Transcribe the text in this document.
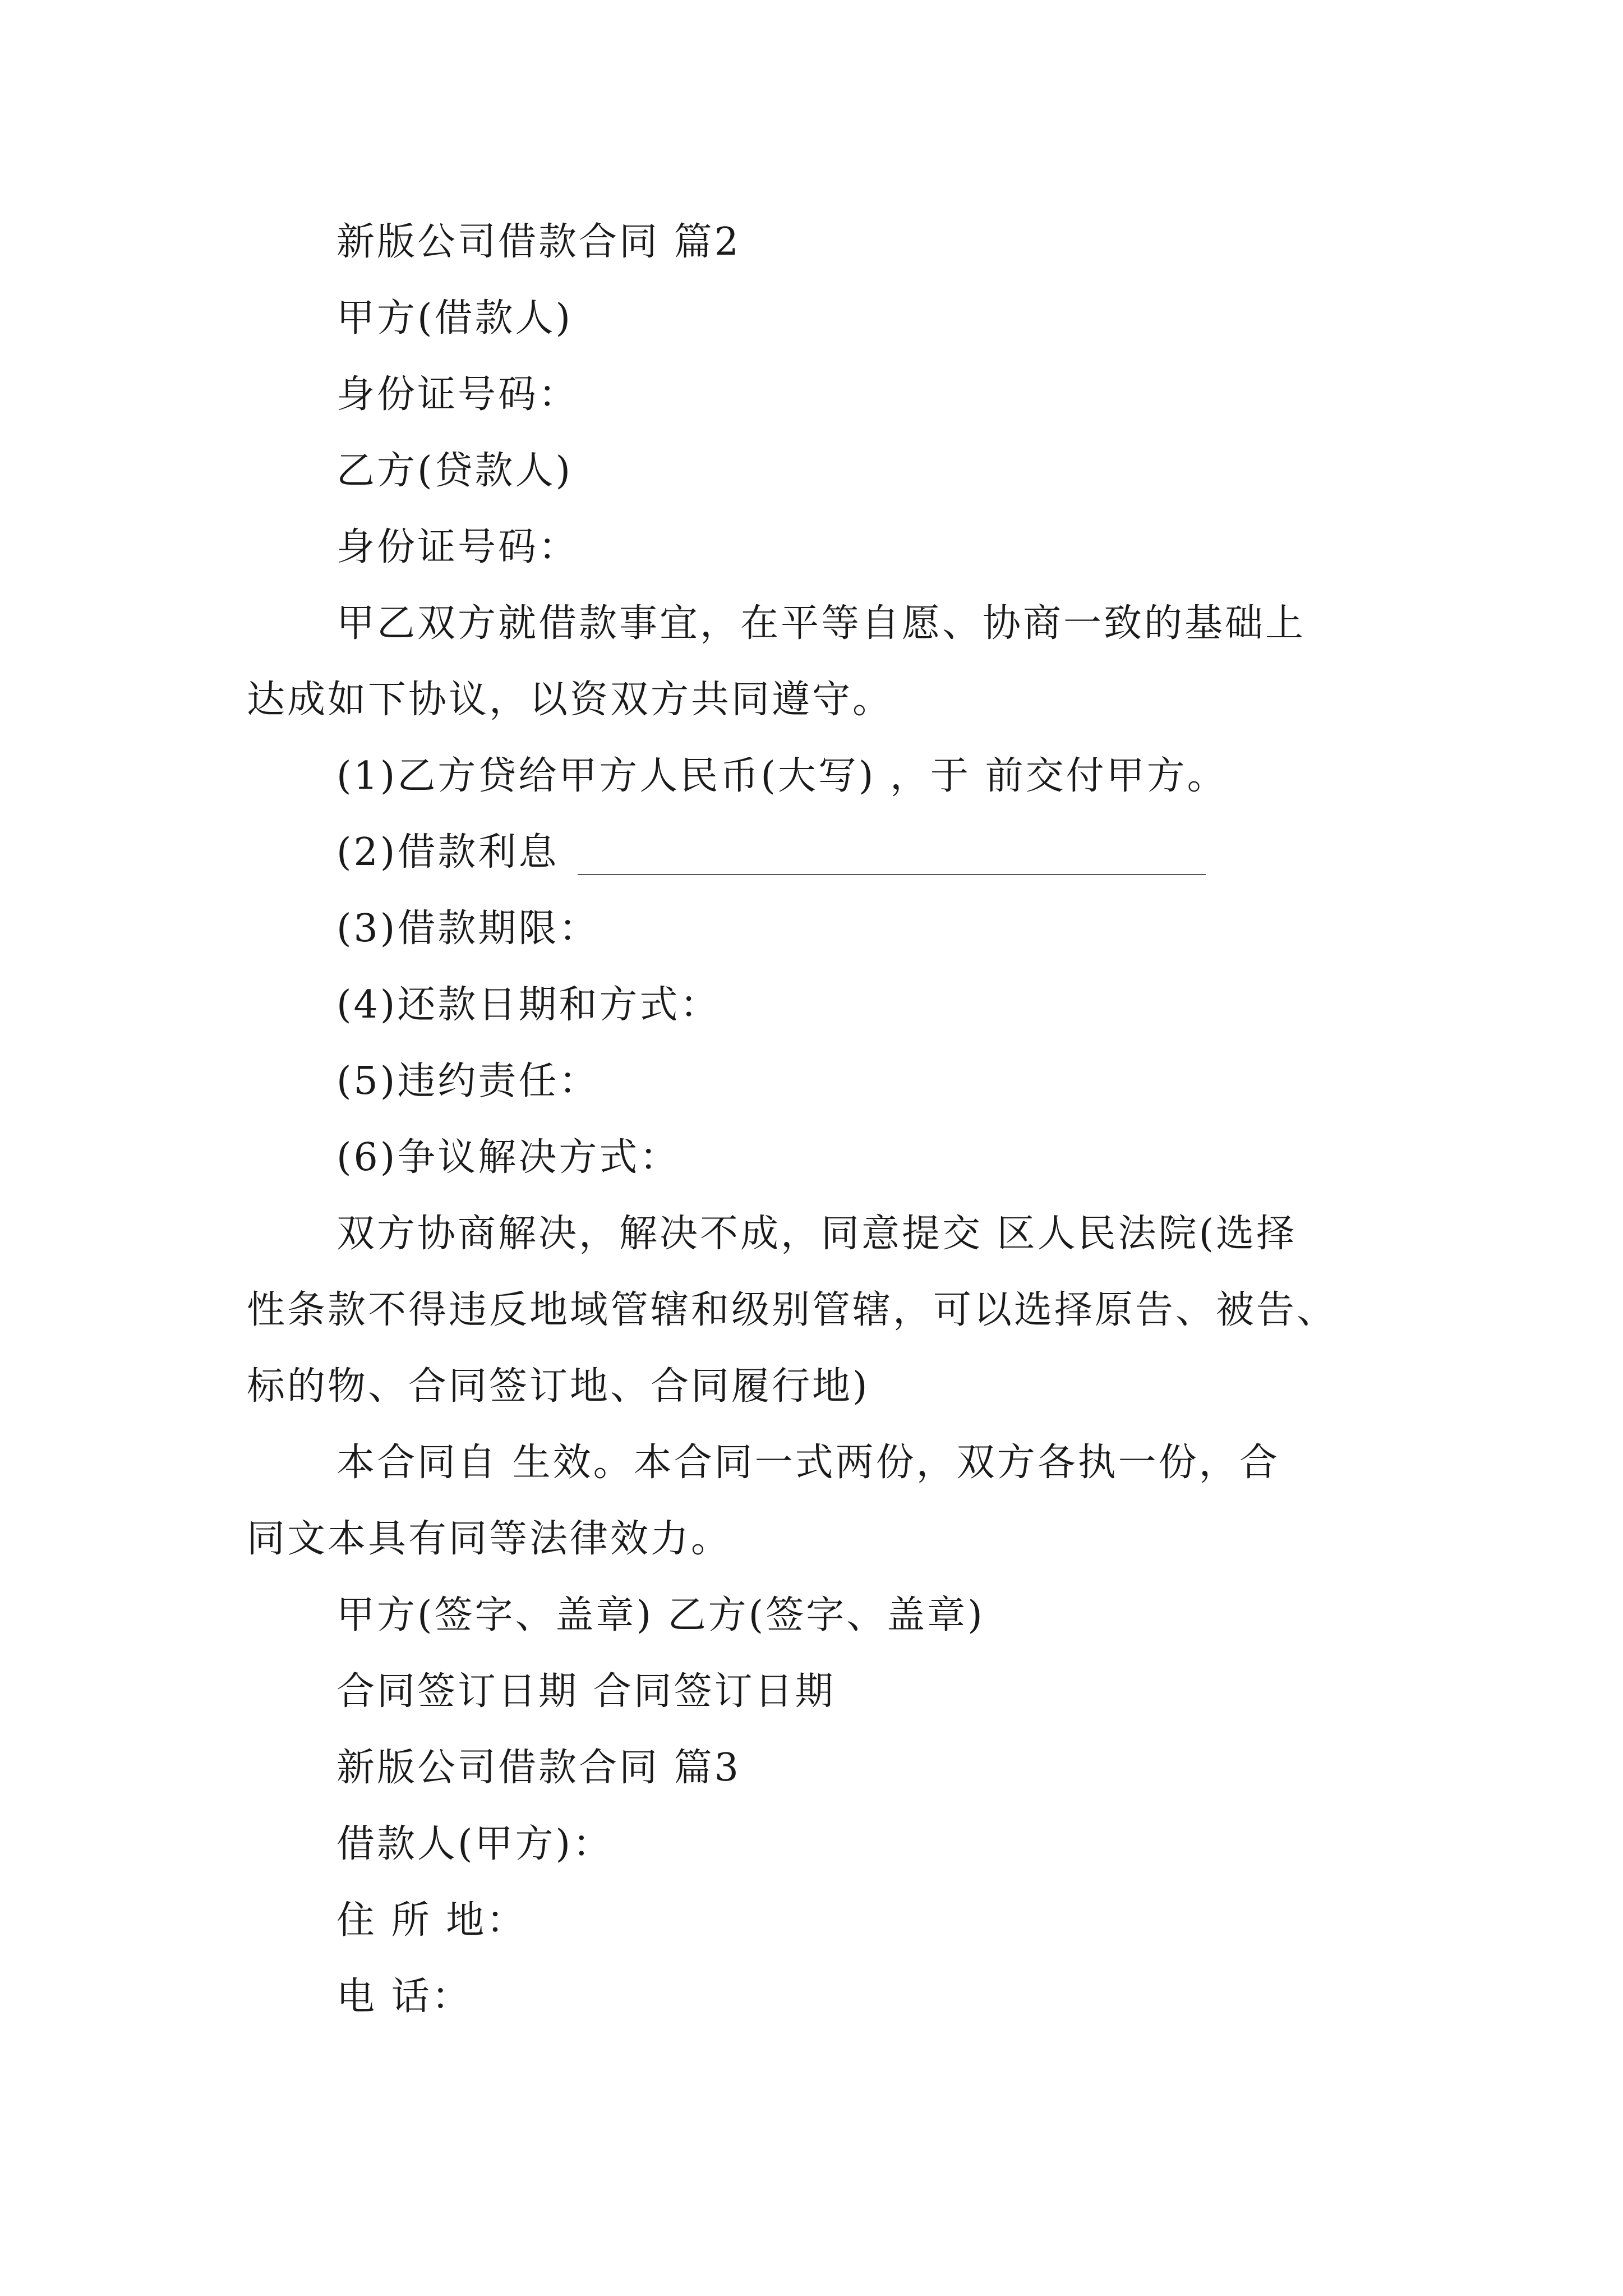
新版公司借款合同 篇2
甲方(借款人)
身份证号码：
乙方(贷款人)
身份证号码：
甲乙双方就借款事宜，在平等自愿、协商一致的基础上
达成如下协议，以资双方共同遵守。
(1)乙方贷给甲方人民币(大写) ，于 前交付甲方。
(2)借款利息
(3)借款期限：
(4)还款日期和方式：
(5)违约责任：
(6)争议解决方式：
双方协商解决，解决不成，同意提交 区人民法院(选择
性条款不得违反地域管辖和级别管辖，可以选择原告、被告、
标的物、合同签订地、合同履行地)
本合同自 生效。本合同一式两份，双方各执一份，合
同文本具有同等法律效力。
甲方(签字、盖章) 乙方(签字、盖章)
合同签订日期 合同签订日期
新版公司借款合同 篇3
借款人(甲方)：
住 所 地：
电 话：
